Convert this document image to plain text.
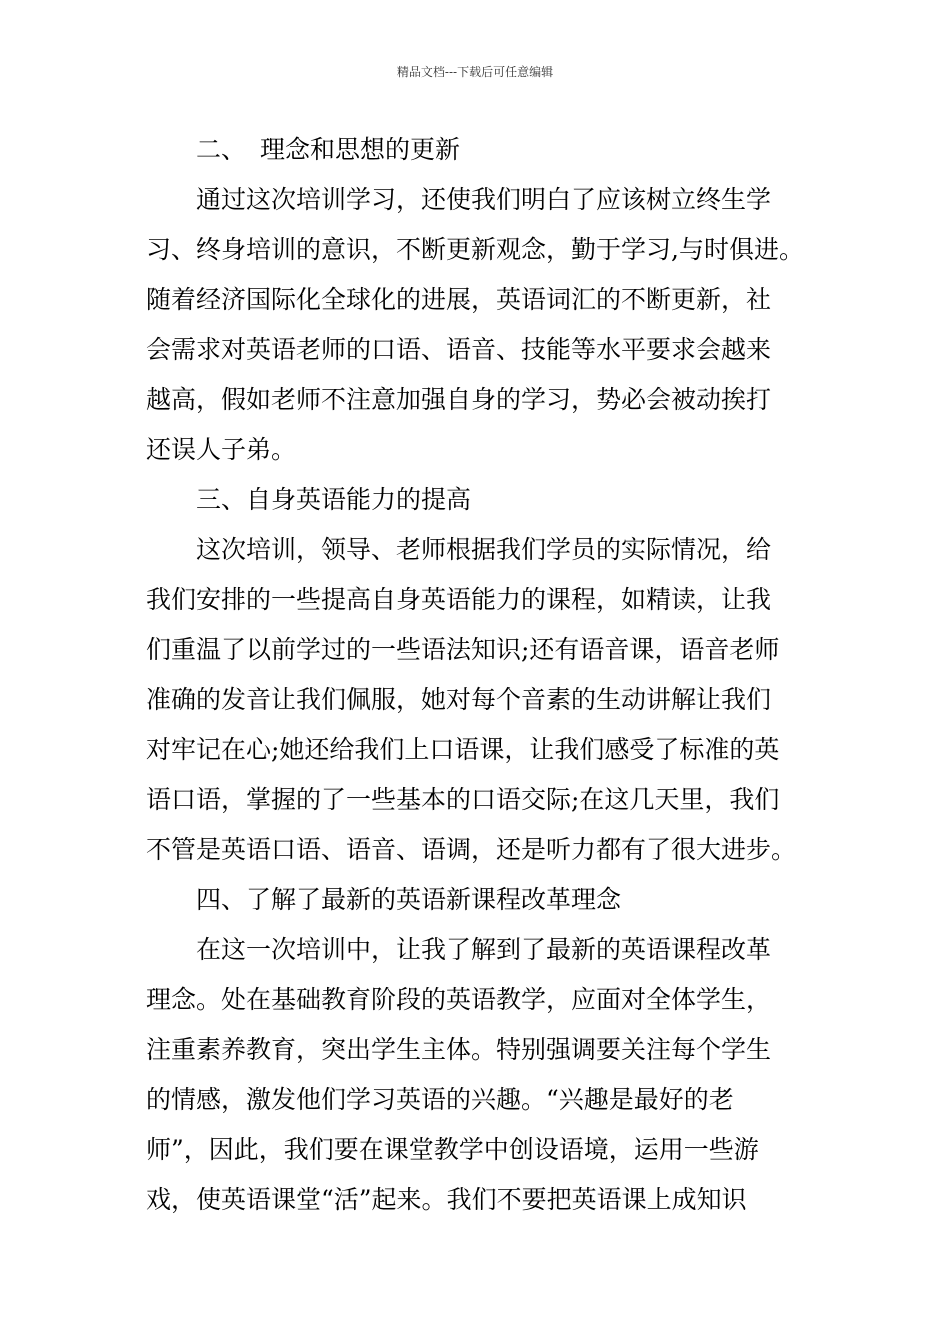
精品文档---下载后可任意编辑
二、 理念和思想的更新
通过这次培训学习，还使我们明白了应该树立终生学
习、终身培训的意识，不断更新观念，勤于学习,与时俱进。
随着经济国际化全球化的进展，英语词汇的不断更新，社
会需求对英语老师的口语、语音、技能等水平要求会越来
越高，假如老师不注意加强自身的学习，势必会被动挨打
还误人子弟。
三、自身英语能力的提高
这次培训，领导、老师根据我们学员的实际情况，给
我们安排的一些提高自身英语能力的课程，如精读，让我
们重温了以前学过的一些语法知识;还有语音课，语音老师
准确的发音让我们佩服，她对每个音素的生动讲解让我们
对牢记在心;她还给我们上口语课，让我们感受了标准的英
语口语，掌握的了一些基本的口语交际;在这几天里，我们
不管是英语口语、语音、语调，还是听力都有了很大进步。
四、了解了最新的英语新课程改革理念
在这一次培训中，让我了解到了最新的英语课程改革
理念。处在基础教育阶段的英语教学，应面对全体学生，
注重素养教育，突出学生主体。特别强调要关注每个学生
的情感，激发他们学习英语的兴趣。“兴趣是最好的老
师”，因此，我们要在课堂教学中创设语境，运用一些游
戏，使英语课堂“活”起来。我们不要把英语课上成知识
